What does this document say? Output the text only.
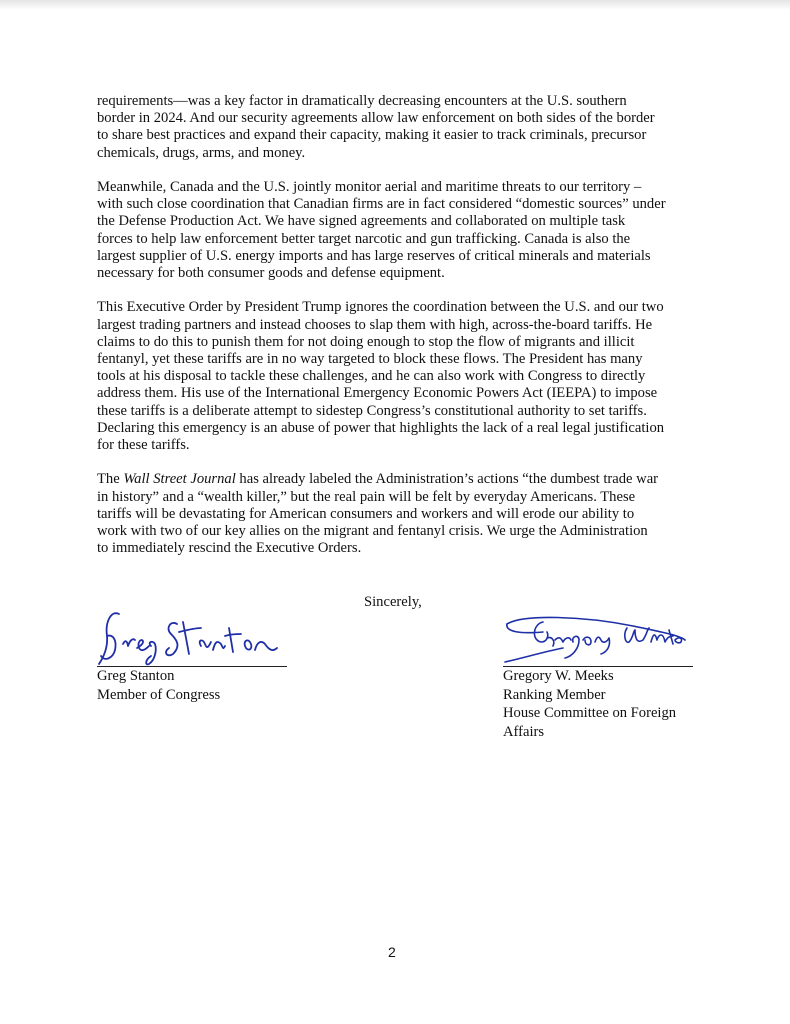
requirements—was a key factor in dramatically decreasing encounters at the U.S. southern
border in 2024. And our security agreements allow law enforcement on both sides of the border
to share best practices and expand their capacity, making it easier to track criminals, precursor
chemicals, drugs, arms, and money.

Meanwhile, Canada and the U.S. jointly monitor aerial and maritime threats to our territory –
with such close coordination that Canadian firms are in fact considered “domestic sources” under
the Defense Production Act. We have signed agreements and collaborated on multiple task
forces to help law enforcement better target narcotic and gun trafficking. Canada is also the
largest supplier of U.S. energy imports and has large reserves of critical minerals and materials
necessary for both consumer goods and defense equipment.

This Executive Order by President Trump ignores the coordination between the U.S. and our two
largest trading partners and instead chooses to slap them with high, across-the-board tariffs. He
claims to do this to punish them for not doing enough to stop the flow of migrants and illicit
fentanyl, yet these tariffs are in no way targeted to block these flows. The President has many
tools at his disposal to tackle these challenges, and he can also work with Congress to directly
address them. His use of the International Emergency Economic Powers Act (IEEPA) to impose
these tariffs is a deliberate attempt to sidestep Congress’s constitutional authority to set tariffs.
Declaring this emergency is an abuse of power that highlights the lack of a real legal justification
for these tariffs.

The Wall Street Journal has already labeled the Administration’s actions “the dumbest trade war
in history” and a “wealth killer,” but the real pain will be felt by everyday Americans. These
tariffs will be devastating for American consumers and workers and will erode our ability to
work with two of our key allies on the migrant and fentanyl crisis. We urge the Administration
to immediately rescind the Executive Orders.

Sincerely,
Greg Stanton
Member of Congress
Gregory W. Meeks
Ranking Member
House Committee on Foreign
Affairs
2
